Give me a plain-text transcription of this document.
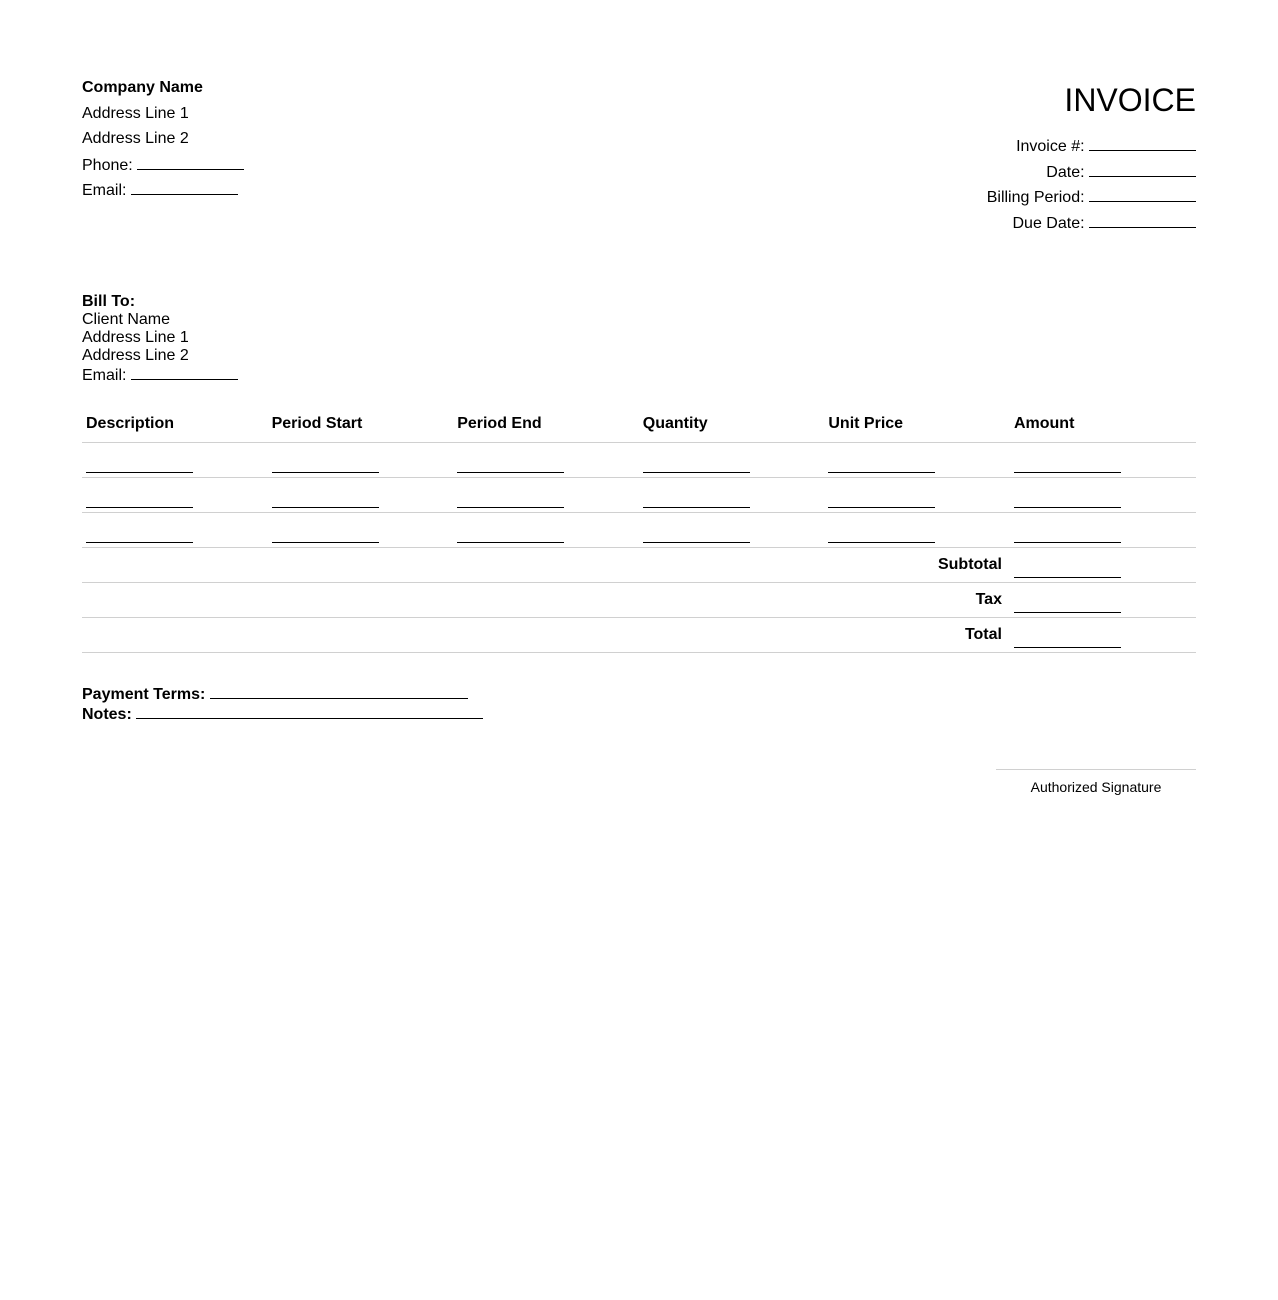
Company Name
Address Line 1
Address Line 2
Phone:
Email:
INVOICE
Invoice #:
Date:
Billing Period:
Due Date:
Bill To:
Client Name
Address Line 1
Address Line 2
Email:
Description	Period Start	Period End	Quantity	Unit Price	Amount

Subtotal					

Tax					

Total					
Payment Terms:
Notes:
Authorized Signature
